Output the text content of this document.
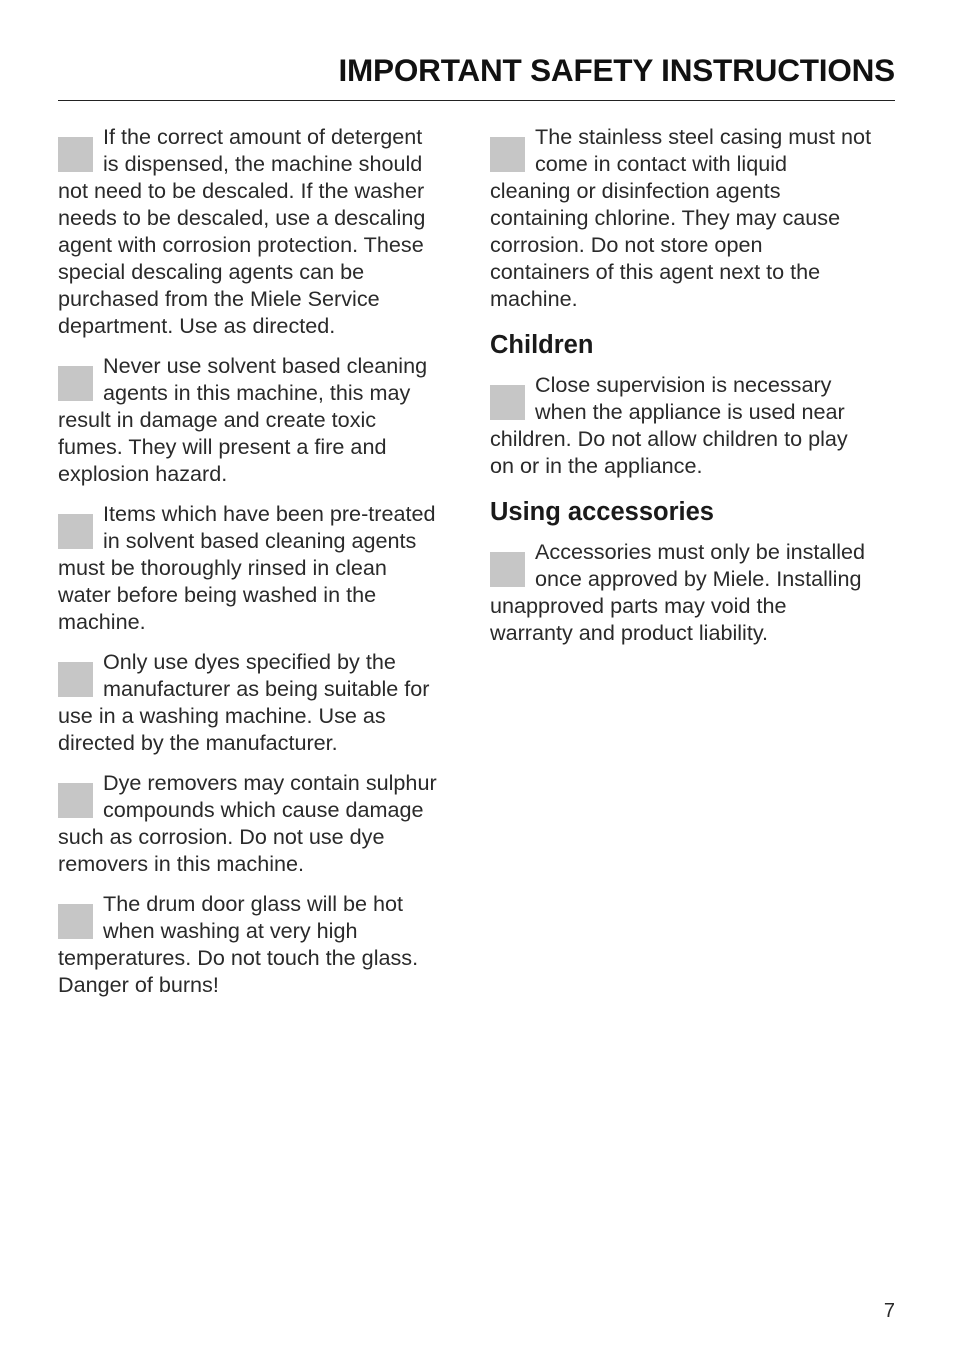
IMPORTANT SAFETY INSTRUCTIONS

If the correct amount of detergent
is dispensed, the machine should
not need to be descaled. If the washer
needs to be descaled, use a descaling
agent with corrosion protection. These
special descaling agents can be
purchased from the Miele Service
department. Use as directed.

Never use solvent based cleaning
agents in this machine, this may
result in damage and create toxic
fumes. They will present a fire and
explosion hazard.

Items which have been pre-treated
in solvent based cleaning agents
must be thoroughly rinsed in clean
water before being washed in the
machine.

Only use dyes specified by the
manufacturer as being suitable for
use in a washing machine. Use as
directed by the manufacturer.

Dye removers may contain sulphur
compounds which cause damage
such as corrosion. Do not use dye
removers in this machine.

The drum door glass will be hot
when washing at very high
temperatures. Do not touch the glass.
Danger of burns!

The stainless steel casing must not
come in contact with liquid
cleaning or disinfection agents
containing chlorine. They may cause
corrosion. Do not store open
containers of this agent next to the
machine.

Children

Close supervision is necessary
when the appliance is used near
children. Do not allow children to play
on or in the appliance.

Using accessories

Accessories must only be installed
once approved by Miele. Installing
unapproved parts may void the
warranty and product liability.

7
